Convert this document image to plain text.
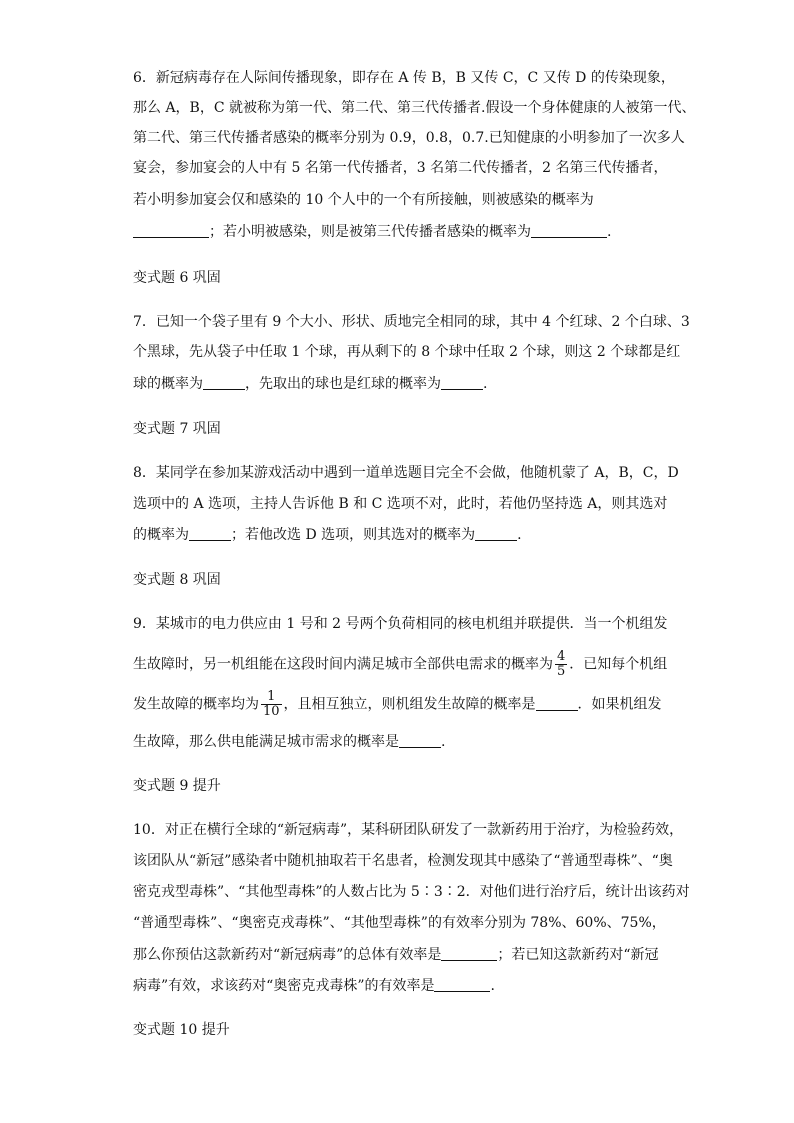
6．新冠病毒存在人际间传播现象，即存在 A 传 B，B 又传 C，C 又传 D 的传染现象，
那么 A，B，C 就被称为第一代、第二代、第三代传播者.假设一个身体健康的人被第一代、
第二代、第三代传播者感染的概率分别为 0.9，0.8，0.7.已知健康的小明参加了一次多人
宴会，参加宴会的人中有 5 名第一代传播者，3 名第二代传播者，2 名第三代传播者，
若小明参加宴会仅和感染的 10 个人中的一个有所接触，则被感染的概率为
；若小明被感染，则是被第三代传播者感染的概率为	.
变式题 6 巩固
7．已知一个袋子里有 9 个大小、形状、质地完全相同的球，其中 4 个红球、2 个白球、3
个黑球，先从袋子中任取 1 个球，再从剩下的 8 个球中任取 2 个球，则这 2 个球都是红
球的概率为	，先取出的球也是红球的概率为	.
变式题 7 巩固
8．某同学在参加某游戏活动中遇到一道单选题目完全不会做，他随机蒙了 A，B，C，D
选项中的 A 选项，主持人告诉他 B 和 C 选项不对，此时，若他仍坚持选 A，则其选对
的概率为	；若他改选 D 选项，则其选对的概率为	.
变式题 8 巩固
9．某城市的电力供应由 1 号和 2 号两个负荷相同的核电机组并联提供．当一个机组发
生故障时，另一机组能在这段时间内满足城市全部供电需求的概率为 $\frac{4}{5}$ ．已知每个机组
发生故障的概率均为 $\frac{1}{10}$ ，且相互独立，则机组发生故障的概率是	．如果机组发
生故障，那么供电能满足城市需求的概率是	.
变式题 9 提升
10．对正在横行全球的“新冠病毒”，某科研团队研发了一款新药用于治疗，为检验药效，
该团队从“新冠”感染者中随机抽取若干名患者，检测发现其中感染了“普通型毒株”、“奥
密克戎型毒株”、“其他型毒株”的人数占比为 5∶3∶2．对他们进行治疗后，统计出该药对
“普通型毒株”、“奥密克戎毒株”、“其他型毒株”的有效率分别为 78%、60%、75%，
那么你预估这款新药对“新冠病毒”的总体有效率是	；若已知这款新药对“新冠
病毒”有效，求该药对“奥密克戎毒株”的有效率是	.
变式题 10 提升
